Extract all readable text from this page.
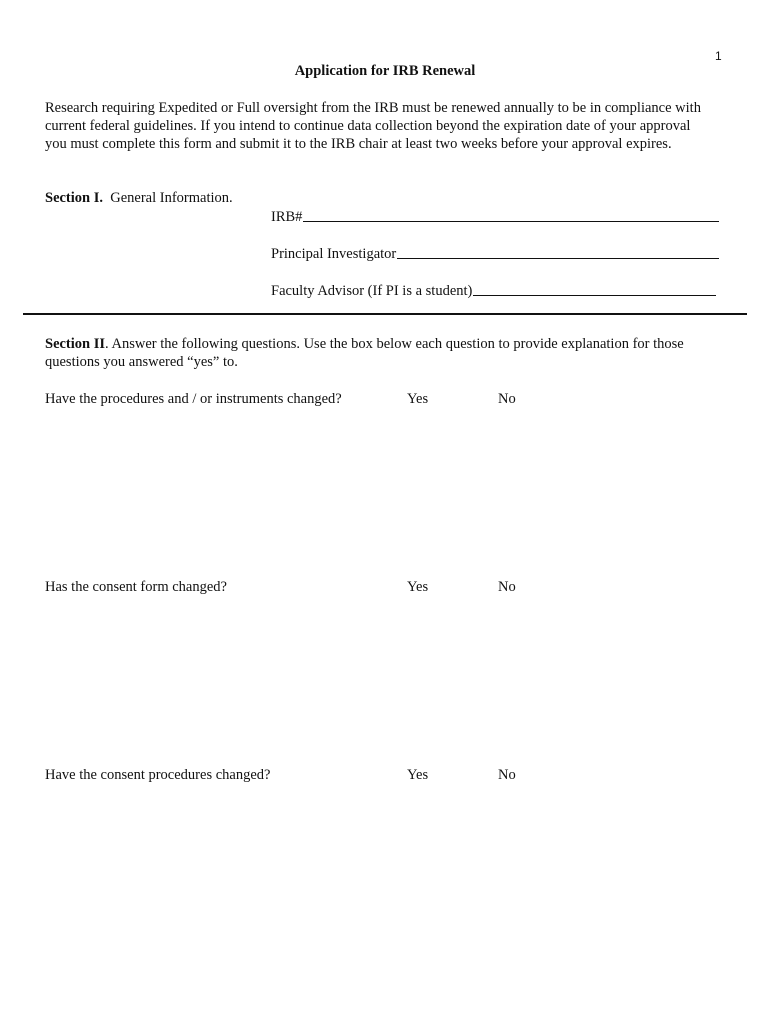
1
Application for IRB Renewal
Research requiring Expedited or Full oversight from the IRB must be renewed annually to be in compliance with current federal guidelines. If you intend to continue data collection beyond the expiration date of your approval you must complete this form and submit it to the IRB chair at least two weeks before your approval expires.
Section I. General Information.
IRB#
Principal Investigator
Faculty Advisor (If PI is a student)
Section II. Answer the following questions. Use the box below each question to provide explanation for those questions you answered “yes” to.
Have the procedures and / or instruments changed?	Yes	No
Has the consent form changed?	Yes	No
Have the consent procedures changed?	Yes	No
